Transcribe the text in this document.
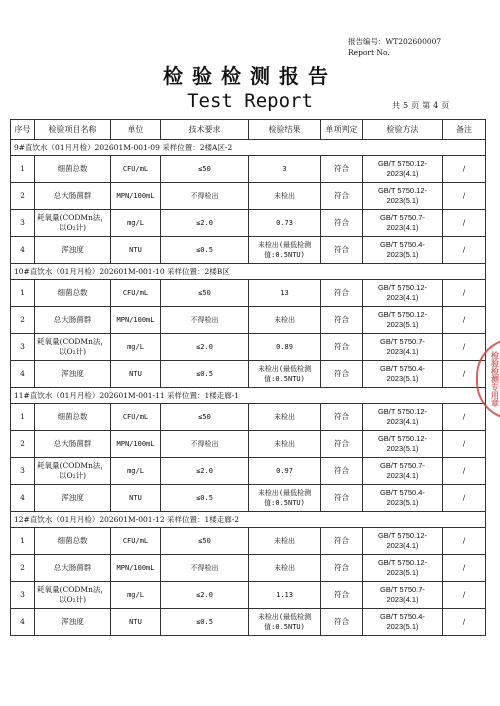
报告编号：WT202600007
Report No.
检验检测报告
Test Report	共 5 页 第 4 页
序号	检验项目名称	单位	技术要求	检验结果	单项判定	检验方法	备注
9#直饮水（01月月检）202601M-001-09 采样位置：2楼A区-2							
1	细菌总数	CFU/mL	≤50	3	符合	GB/T 5750.12-2023(4.1)	/
2	总大肠菌群	MPN/100mL	不得检出	未检出	符合	GB/T 5750.12-2023(5.1)	/
3	耗氧量(CODMn法，以O₂计)	mg/L	≤2.0	0.73	符合	GB/T 5750.7-2023(4.1)	/
4	浑浊度	NTU	≤0.5	未检出(最低检测值:0.5NTU)	符合	GB/T 5750.4-2023(5.1)	/
10#直饮水（01月月检）202601M-001-10 采样位置：2楼B区							
1	细菌总数	CFU/mL	≤50	13	符合	GB/T 5750.12-2023(4.1)	/
2	总大肠菌群	MPN/100mL	不得检出	未检出	符合	GB/T 5750.12-2023(5.1)	/
3	耗氧量(CODMn法，以O₂计)	mg/L	≤2.0	0.89	符合	GB/T 5750.7-2023(4.1)	/
4	浑浊度	NTU	≤0.5	未检出(最低检测值:0.5NTU)	符合	GB/T 5750.4-2023(5.1)	/
11#直饮水（01月月检）202601M-001-11 采样位置：1楼走廊-1							
1	细菌总数	CFU/mL	≤50	未检出	符合	GB/T 5750.12-2023(4.1)	/
2	总大肠菌群	MPN/100mL	不得检出	未检出	符合	GB/T 5750.12-2023(5.1)	/
3	耗氧量(CODMn法，以O₂计)	mg/L	≤2.0	0.97	符合	GB/T 5750.7-2023(4.1)	/
4	浑浊度	NTU	≤0.5	未检出(最低检测值:0.5NTU)	符合	GB/T 5750.4-2023(5.1)	/
12#直饮水（01月月检）202601M-001-12 采样位置：1楼走廊-2							
1	细菌总数	CFU/mL	≤50	未检出	符合	GB/T 5750.12-2023(4.1)	/
2	总大肠菌群	MPN/100mL	不得检出	未检出	符合	GB/T 5750.12-2023(5.1)	/
3	耗氧量(CODMn法，以O₂计)	mg/L	≤2.0	1.13	符合	GB/T 5750.7-2023(4.1)	/
4	浑浊度	NTU	≤0.5	未检出(最低检测值:0.5NTU)	符合	GB/T 5750.4-2023(5.1)	/
检验检测专用章
